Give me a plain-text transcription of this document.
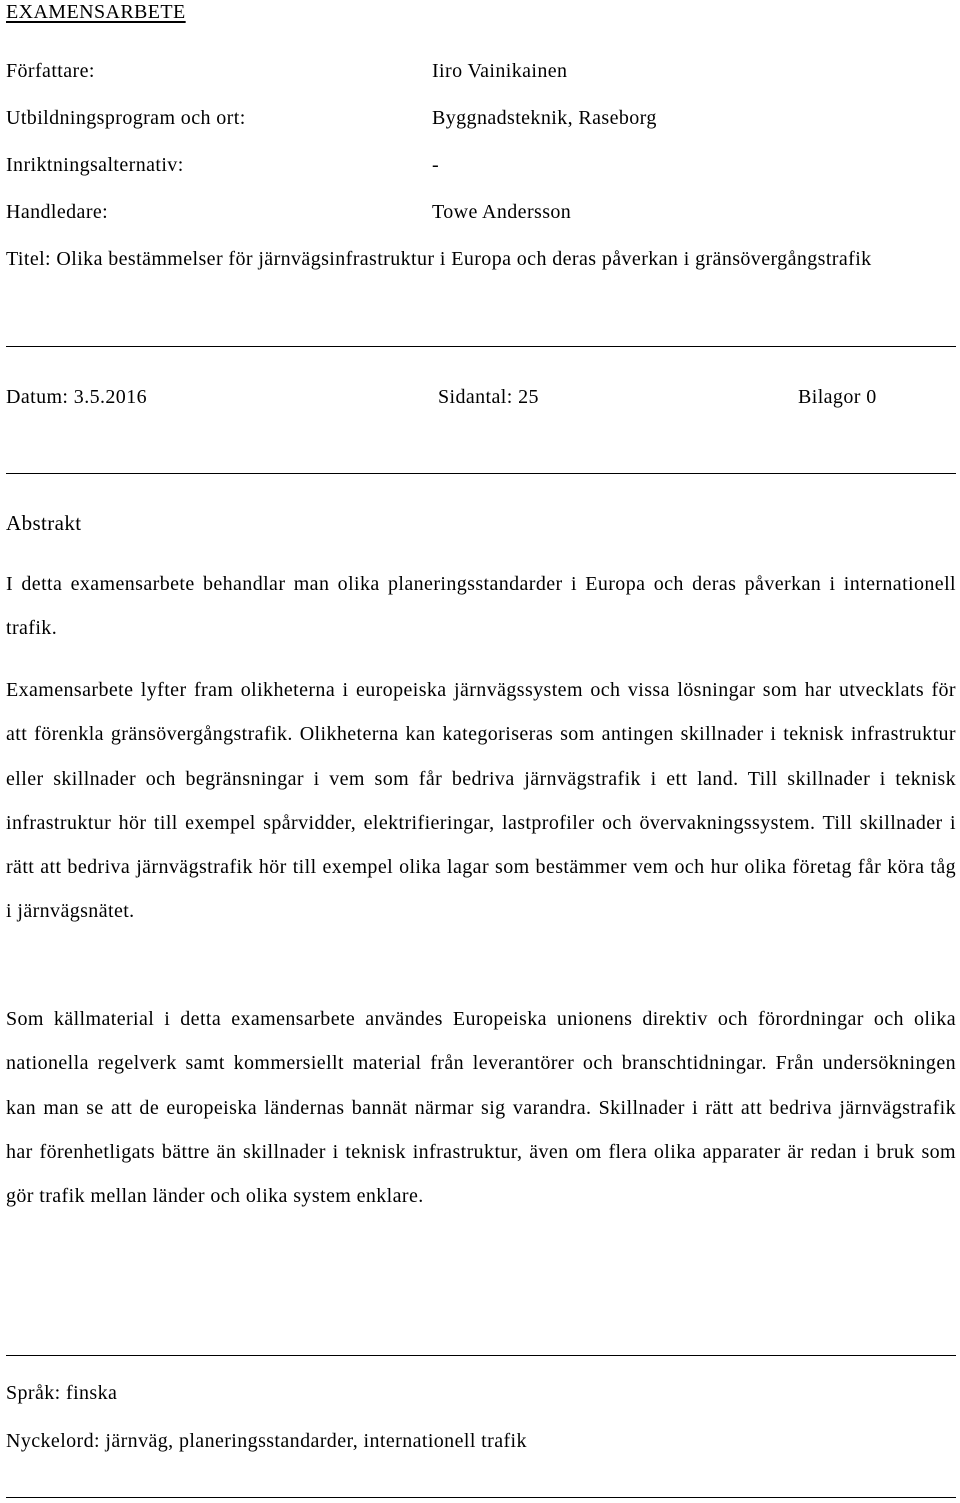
EXAMENSARBETE
Författare:	Iiro Vainikainen
Utbildningsprogram och ort:	Byggnadsteknik, Raseborg
Inriktningsalternativ:	-
Handledare:	Towe Andersson
Titel: Olika bestämmelser för järnvägsinfrastruktur i Europa och deras påverkan i gränsövergångstrafik
Datum: 3.5.2016	Sidantal: 25	Bilagor 0
Abstrakt
I detta examensarbete behandlar man olika planeringsstandarder i Europa och deras påverkan i internationell trafik.
Examensarbete lyfter fram olikheterna i europeiska järnvägssystem och vissa lösningar som har utvecklats för att förenkla gränsövergångstrafik. Olikheterna kan kategoriseras som antingen skillnader i teknisk infrastruktur eller skillnader och begränsningar i vem som får bedriva järnvägstrafik i ett land. Till skillnader i teknisk infrastruktur hör till exempel spårvidder, elektrifieringar, lastprofiler och övervakningssystem. Till skillnader i rätt att bedriva järnvägstrafik hör till exempel olika lagar som bestämmer vem och hur olika företag får köra tåg i järnvägsnätet.
Som källmaterial i detta examensarbete användes Europeiska unionens direktiv och förordningar och olika nationella regelverk samt kommersiellt material från leverantörer och branschtidningar. Från undersökningen kan man se att de europeiska ländernas bannät närmar sig varandra. Skillnader i rätt att bedriva järnvägstrafik har förenhetligats bättre än skillnader i teknisk infrastruktur, även om flera olika apparater är redan i bruk som gör trafik mellan länder och olika system enklare.
Språk: finska
Nyckelord: järnväg, planeringsstandarder, internationell trafik
